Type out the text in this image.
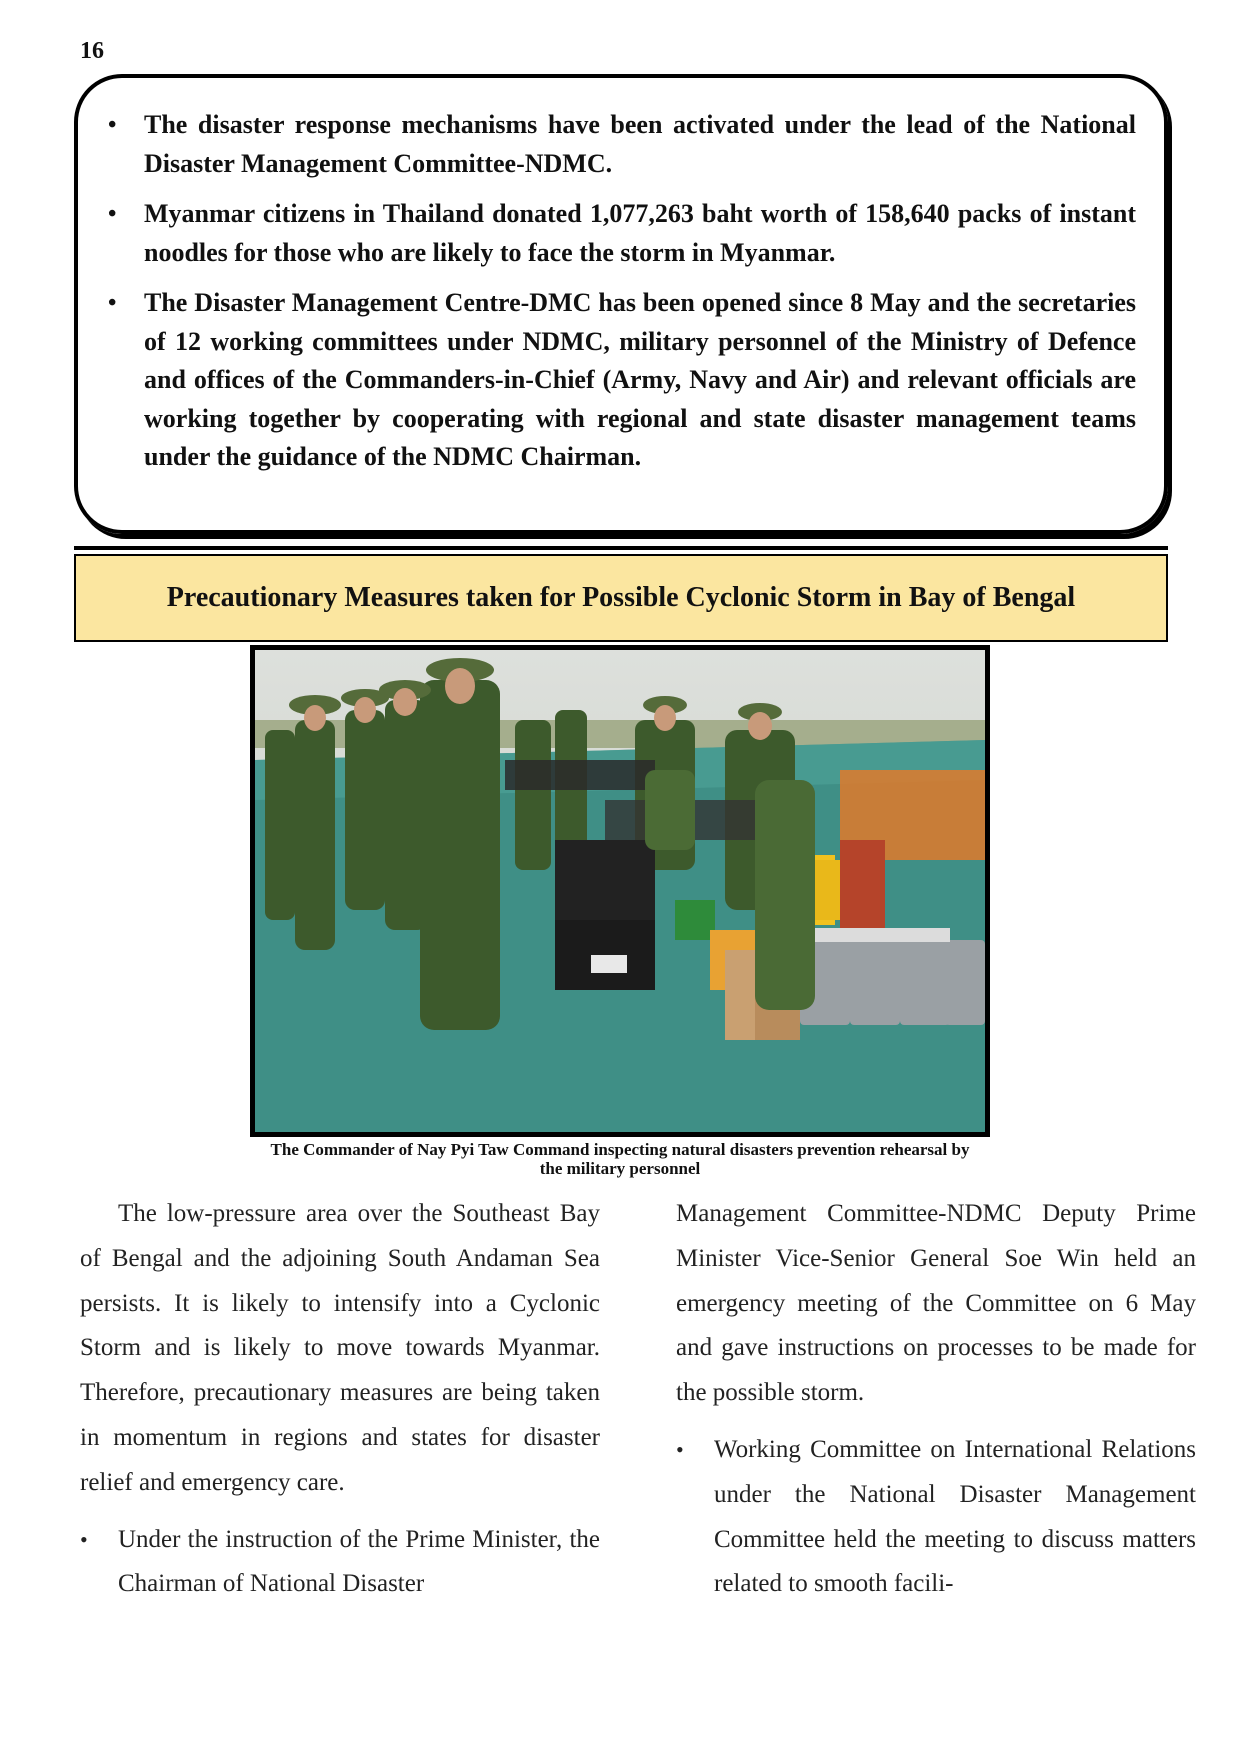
16
• The disaster response mechanisms have been activated under the lead of the National Disaster Management Committee-NDMC.
• Myanmar citizens in Thailand donated 1,077,263 baht worth of 158,640 packs of instant noodles for those who are likely to face the storm in Myanmar.
• The Disaster Management Centre-DMC has been opened since 8 May and the secretaries of 12 working committees under NDMC, military personnel of the Ministry of Defence and offices of the Commanders-in-Chief (Army, Navy and Air) and relevant officials are working together by cooperating with regional and state disaster management teams under the guidance of the NDMC Chairman.
Precautionary Measures taken for Possible Cyclonic Storm in Bay of Bengal
The Commander of Nay Pyi Taw Command inspecting natural disasters prevention rehearsal by
the military personnel

The low-pressure area over the Southeast Bay of Bengal and the adjoining South Andaman Sea persists. It is likely to intensify into a Cyclonic Storm and is likely to move towards Myanmar. Therefore, precautionary measures are being taken in momentum in regions and states for disaster relief and emergency care.

• Under the instruction of the Prime Minister, the Chairman of National Disaster

Management Committee-NDMC Deputy Prime Minister Vice-Senior General Soe Win held an emergency meeting of the Committee on 6 May and gave instructions on processes to be made for the possible storm.

• Working Committee on International Relations under the National Disaster Management Committee held the meeting to discuss matters related to smooth facili-
